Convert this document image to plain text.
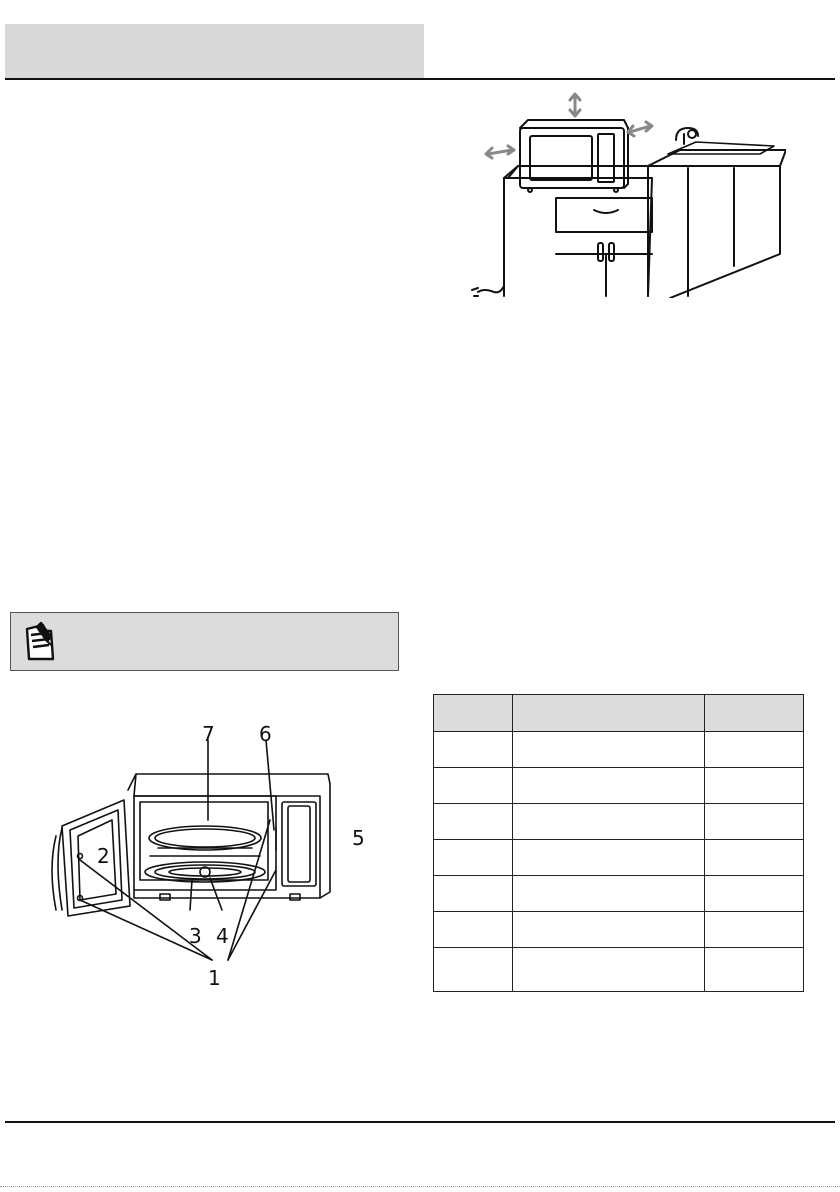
7 6
2
5
3 4
1
